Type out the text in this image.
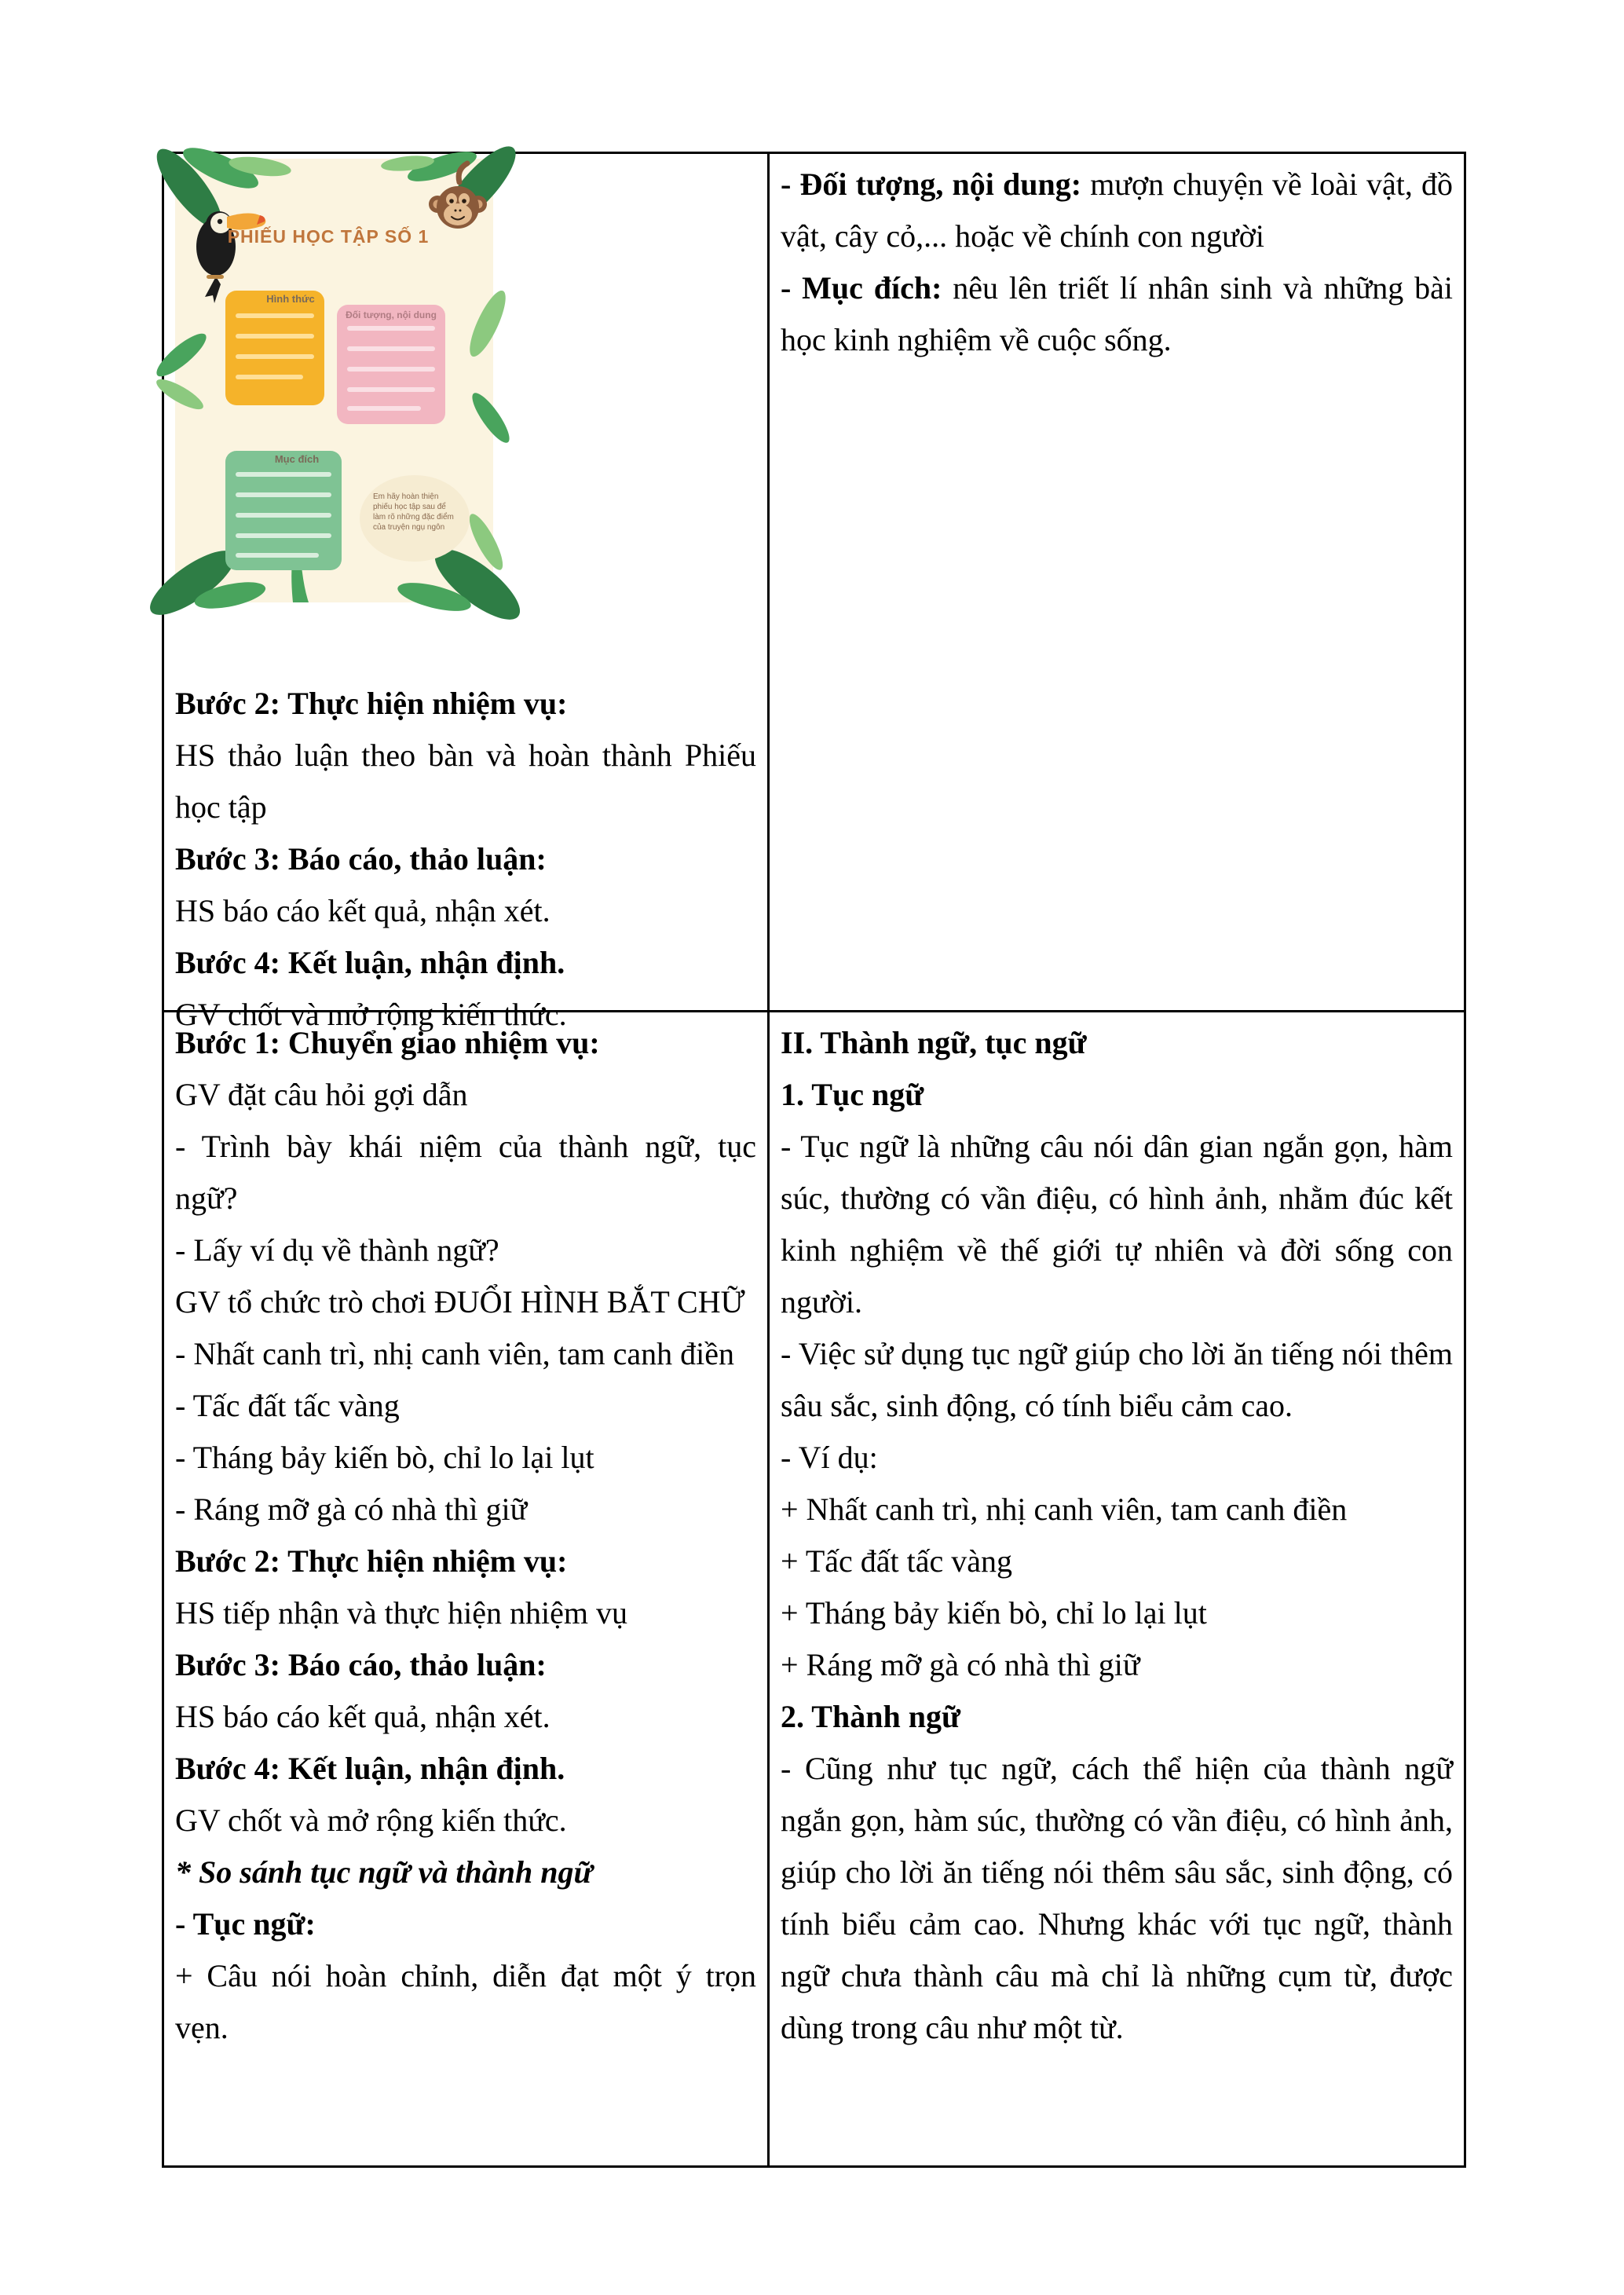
PHIẾU HỌC TẬP SỐ 1
Hình thức
Đối tượng, nội dung
Mục đích
Em hãy hoàn thiện phiếu học tập sau để làm rõ những đặc điểm của truyện ngụ ngôn

Bước 2: Thực hiện nhiệm vụ:

HS thảo luận theo bàn và hoàn thành Phiếu học tập

Bước 3: Báo cáo, thảo luận:

HS báo cáo kết quả, nhận xét.

Bước 4: Kết luận, nhận định.

GV chốt và mở rộng kiến thức.

- Đối tượng, nội dung: mượn chuyện về loài vật, đồ vật, cây cỏ,... hoặc về chính con người

- Mục đích: nêu lên triết lí nhân sinh và những bài học kinh nghiệm về cuộc sống.

Bước 1: Chuyển giao nhiệm vụ:

GV đặt câu hỏi gợi dẫn

- Trình bày khái niệm của thành ngữ, tục ngữ?

- Lấy ví dụ về thành ngữ?

GV tổ chức trò chơi ĐUỔI HÌNH BẮT CHỮ

- Nhất canh trì, nhị canh viên, tam canh điền

- Tấc đất tấc vàng

- Tháng bảy kiến bò, chỉ lo lại lụt

- Ráng mỡ gà có nhà thì giữ

Bước 2: Thực hiện nhiệm vụ:

HS tiếp nhận và thực hiện nhiệm vụ

Bước 3: Báo cáo, thảo luận:

HS báo cáo kết quả, nhận xét.

Bước 4: Kết luận, nhận định.

GV chốt và mở rộng kiến thức.

* So sánh tục ngữ và thành ngữ

- Tục ngữ:

+ Câu nói hoàn chỉnh, diễn đạt một ý trọn vẹn.

II. Thành ngữ, tục ngữ

1. Tục ngữ

- Tục ngữ là những câu nói dân gian ngắn gọn, hàm súc, thường có vần điệu, có hình ảnh, nhằm đúc kết kinh nghiệm về thế giới tự nhiên và đời sống con người.

- Việc sử dụng tục ngữ giúp cho lời ăn tiếng nói thêm sâu sắc, sinh động, có tính biểu cảm cao.

- Ví dụ:

+ Nhất canh trì, nhị canh viên, tam canh điền

+ Tấc đất tấc vàng

+ Tháng bảy kiến bò, chỉ lo lại lụt

+ Ráng mỡ gà có nhà thì giữ

2. Thành ngữ

- Cũng như tục ngữ, cách thể hiện của thành ngữ ngắn gọn, hàm súc, thường có vần điệu, có hình ảnh, giúp cho lời ăn tiếng nói thêm sâu sắc, sinh động, có tính biểu cảm cao. Nhưng khác với tục ngữ, thành ngữ chưa thành câu mà chỉ là những cụm từ, được dùng trong câu như một từ.
